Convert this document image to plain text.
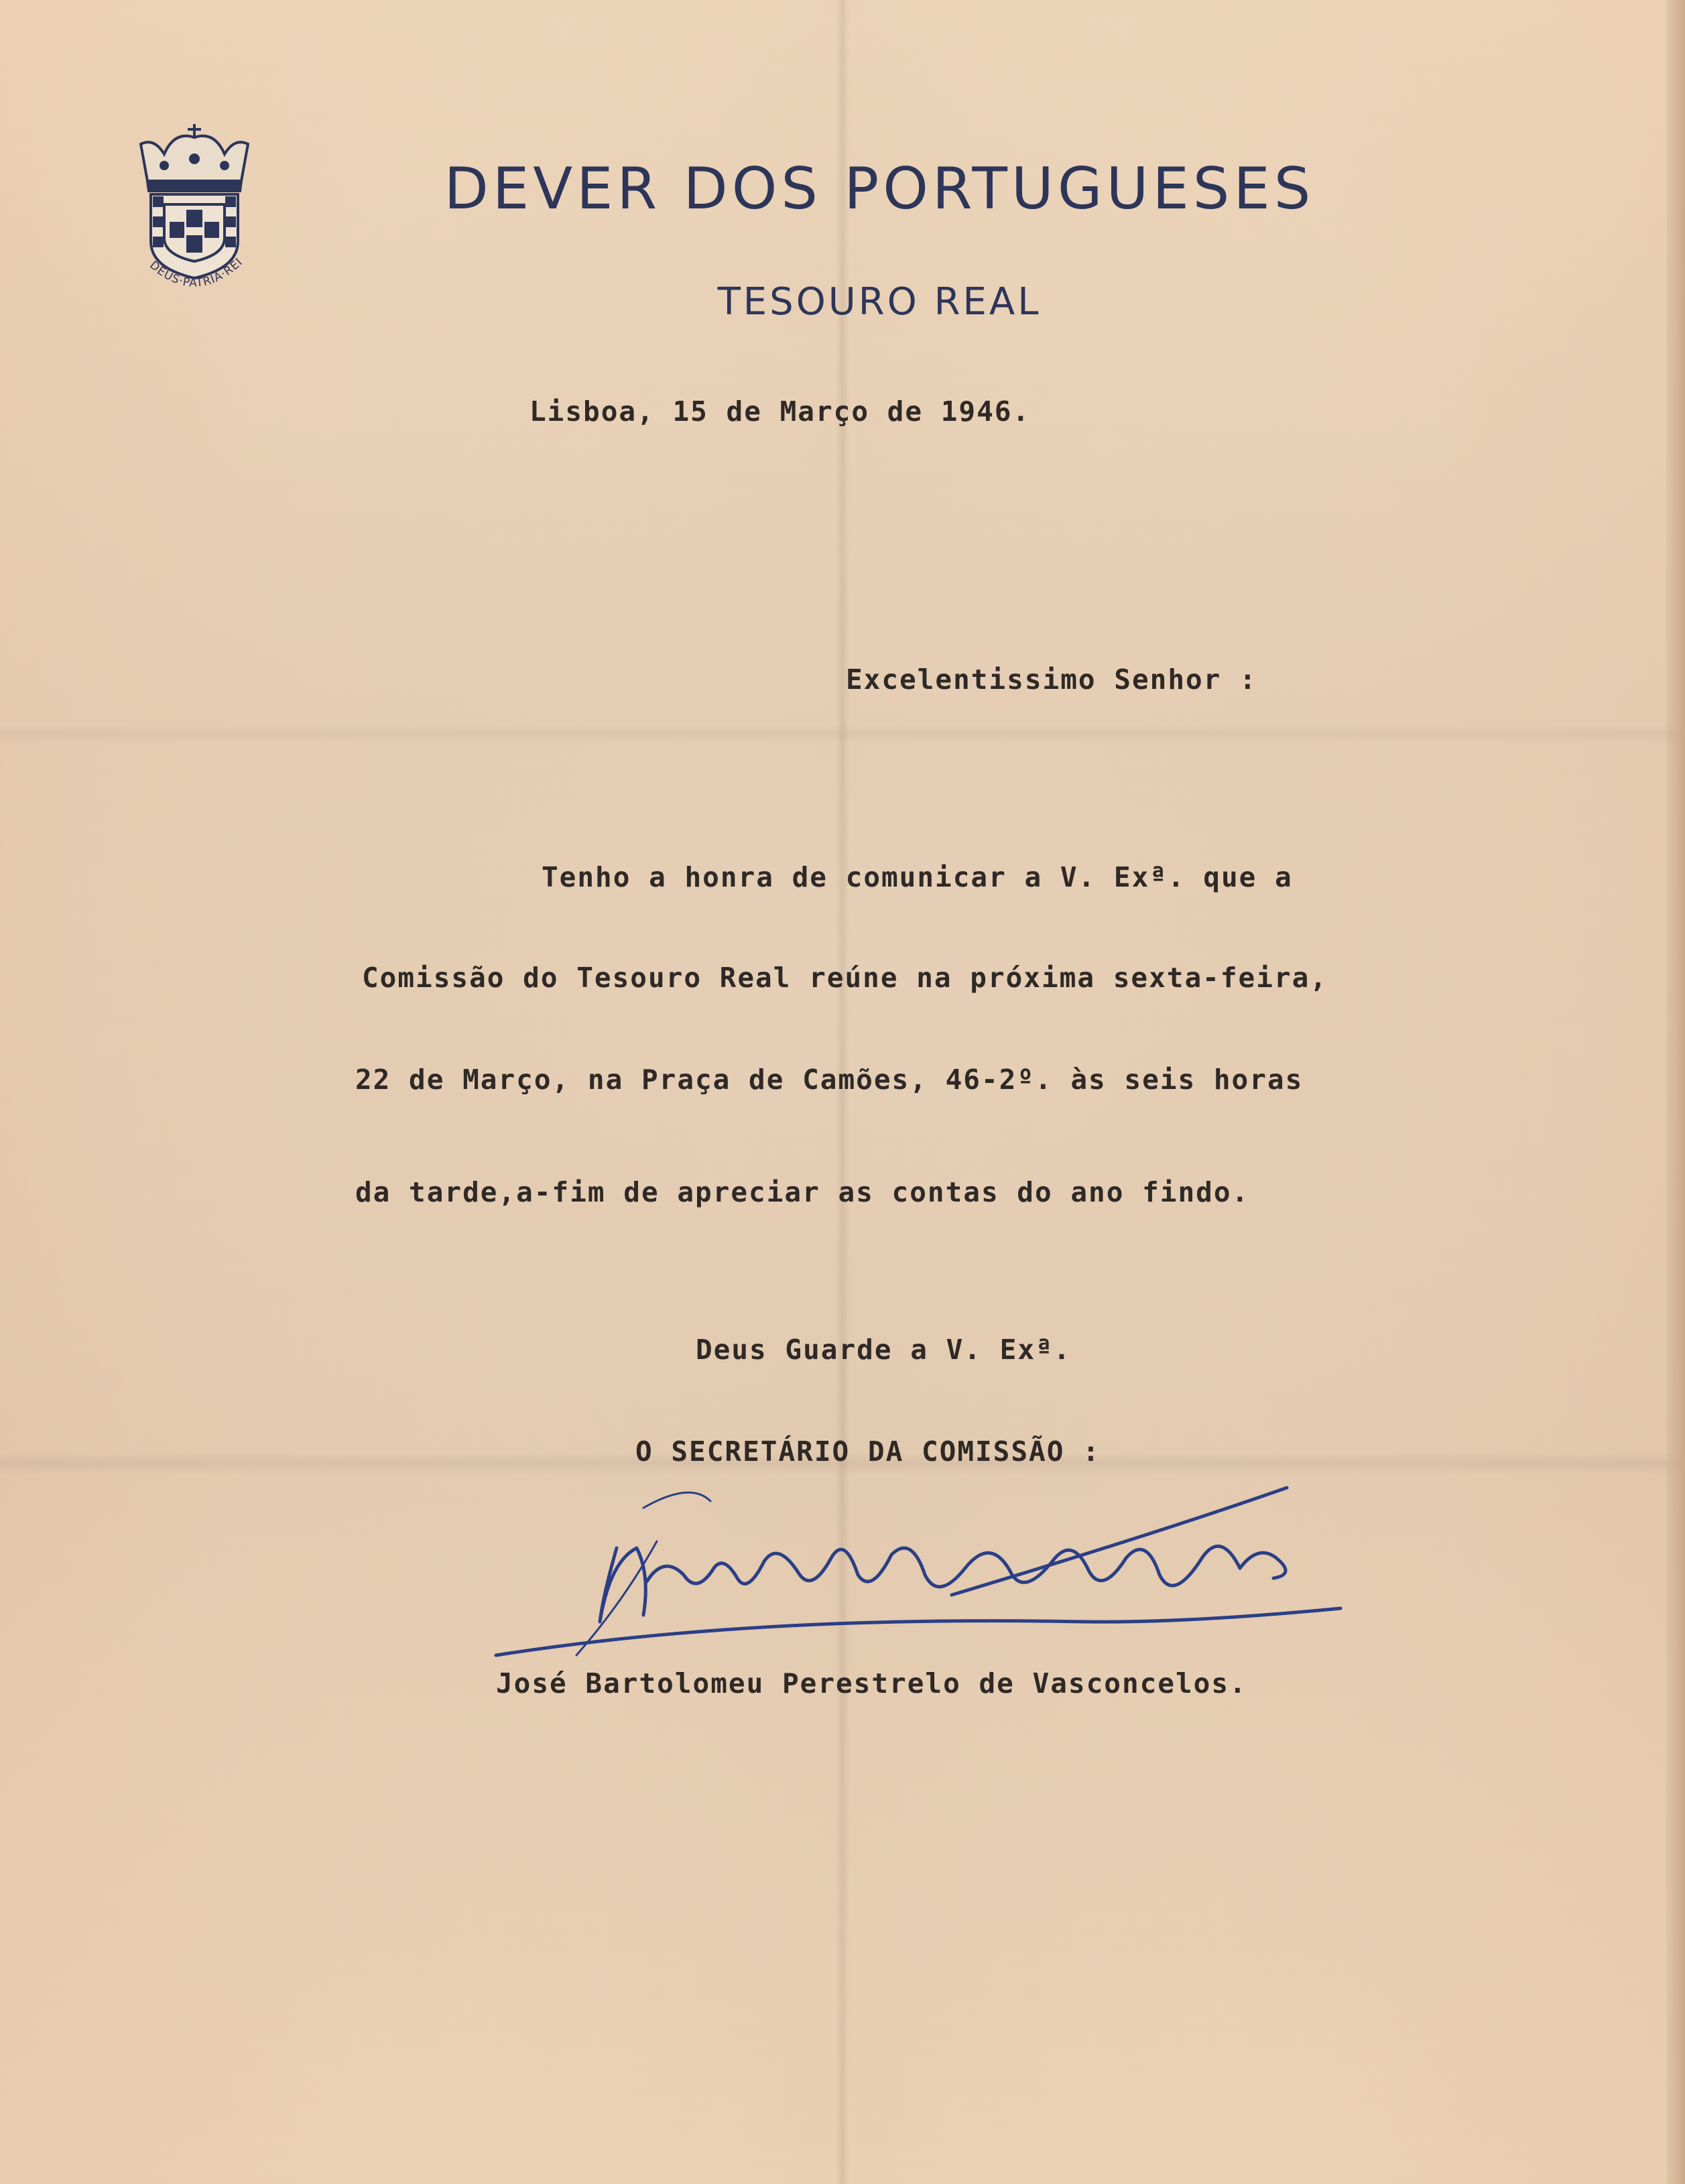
DEUS·PATRIA·REI
DEVER DOS PORTUGUESES
TESOURO REAL
Lisboa, 15 de Março de 1946.
Excelentissimo Senhor :
Tenho a honra de comunicar a V. Exª. que a
Comissão do Tesouro Real reúne na próxima sexta-feira,
22 de Março, na Praça de Camões, 46-2º. às seis horas
da tarde,a-fim de apreciar as contas do ano findo.
Deus Guarde a V. Exª.
O SECRETÁRIO DA COMISSÃO :
José Bartolomeu Perestrelo de Vasconcelos.
